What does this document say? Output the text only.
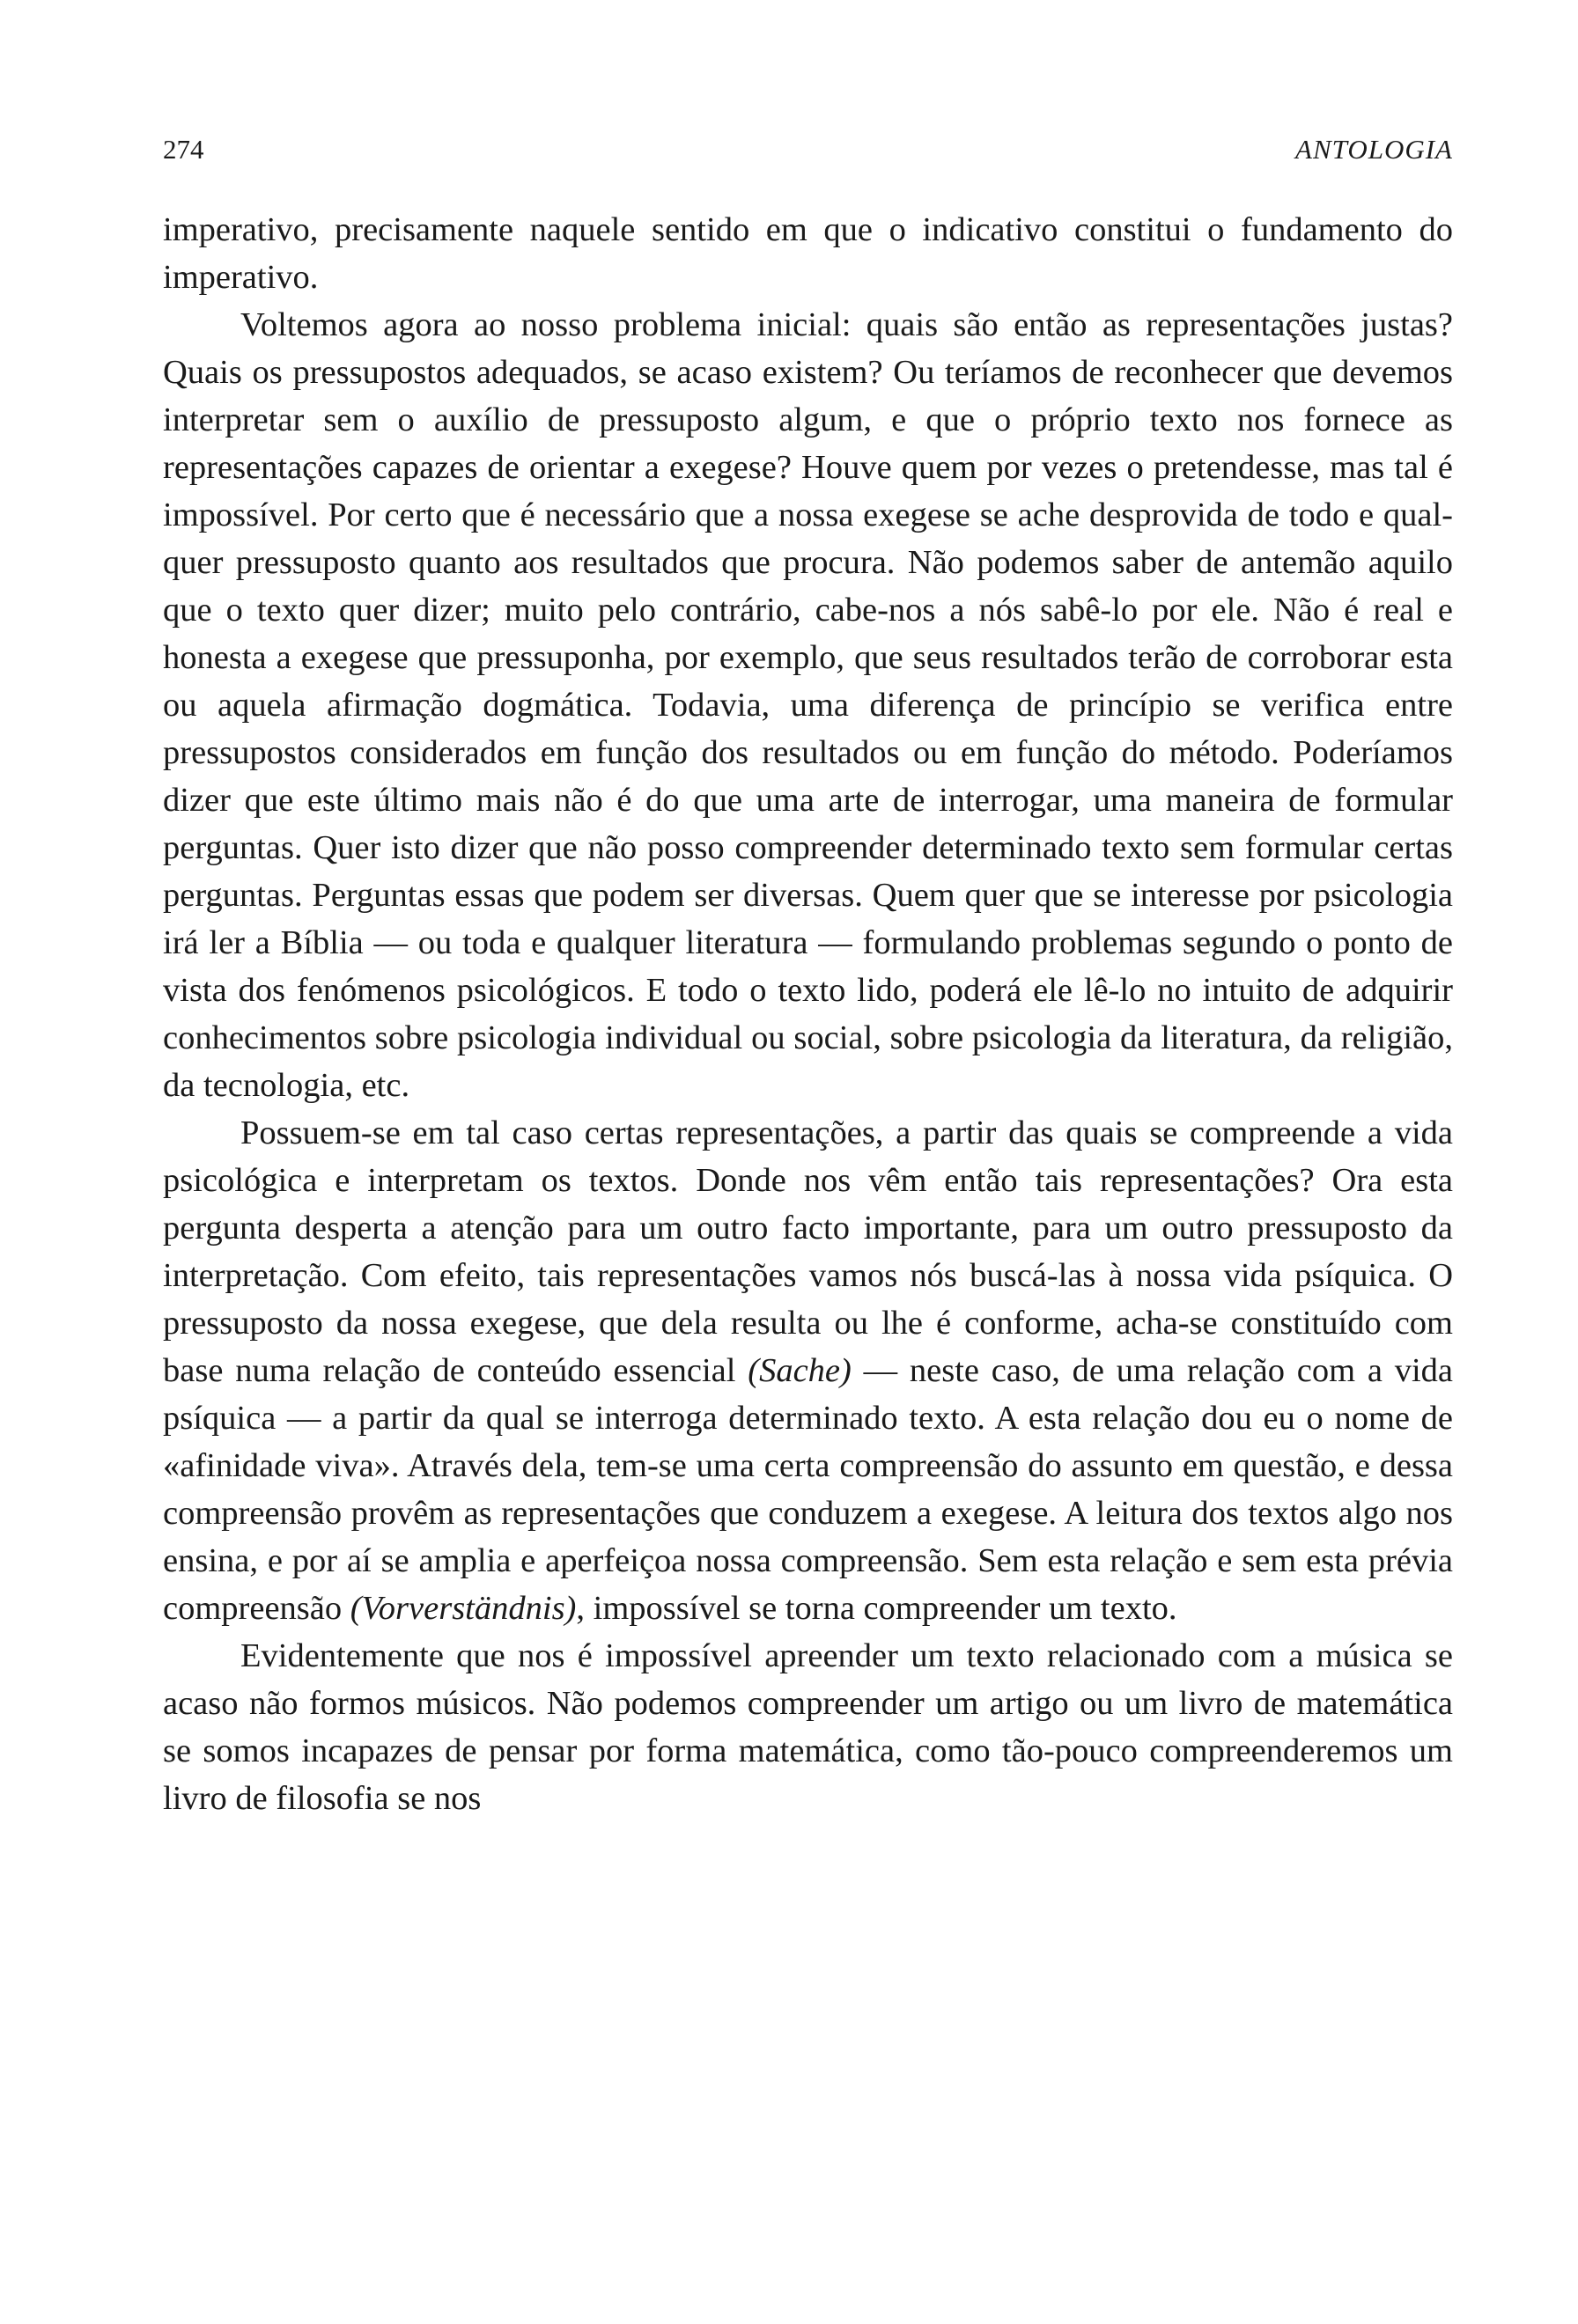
274	ANTOLOGIA

imperativo, precisamente naquele sentido em que o indicativo constitui o fundamento do imperativo.

Voltemos agora ao nosso problema inicial: quais são então as representações justas? Quais os pressupostos adequados, se acaso existem? Ou teríamos de reconhecer que devemos interpretar sem o auxílio de pressuposto algum, e que o próprio texto nos fornece as representações capazes de orientar a exegese? Houve quem por vezes o pretendesse, mas tal é impossível. Por certo que é necessário que a nossa exegese se ache desprovida de todo e qualquer pressuposto quanto aos resultados que procura. Não podemos saber de antemão aquilo que o texto quer dizer; muito pelo contrário, cabe-nos a nós sabê-lo por ele. Não é real e honesta a exegese que pressuponha, por exemplo, que seus resultados terão de corroborar esta ou aquela afirmação dogmática. Todavia, uma diferença de princípio se verifica entre pressupostos considerados em função dos resultados ou em função do método. Poderíamos dizer que este último mais não é do que uma arte de interrogar, uma maneira de formular perguntas. Quer isto dizer que não posso compreender determinado texto sem formular certas perguntas. Perguntas essas que podem ser diversas. Quem quer que se interesse por psicologia irá ler a Bíblia — ou toda e qualquer literatura — formulando problemas segundo o ponto de vista dos fenómenos psicológicos. E todo o texto lido, poderá ele lê-lo no intuito de adquirir conhecimentos sobre psicologia individual ou social, sobre psicologia da literatura, da religião, da tecnologia, etc.

Possuem-se em tal caso certas representações, a partir das quais se compreende a vida psicológica e interpretam os textos. Donde nos vêm então tais representações? Ora esta pergunta desperta a atenção para um outro facto importante, para um outro pressuposto da interpretação. Com efeito, tais representações vamos nós buscá-las à nossa vida psíquica. O pressuposto da nossa exegese, que dela resulta ou lhe é conforme, acha-se constituído com base numa relação de conteúdo essencial (Sache) — neste caso, de uma relação com a vida psíquica — a partir da qual se interroga determinado texto. A esta relação dou eu o nome de «afinidade viva». Através dela, tem-se uma certa compreensão do assunto em questão, e dessa compreensão provêm as representações que conduzem a exegese. A leitura dos textos algo nos ensina, e por aí se amplia e aperfeiçoa nossa compreensão. Sem esta relação e sem esta prévia compreensão (Vorverständnis), impossível se torna compreender um texto.

Evidentemente que nos é impossível apreender um texto relacionado com a música se acaso não formos músicos. Não podemos compreender um artigo ou um livro de matemática se somos incapazes de pensar por forma matemática, como tão-pouco compreenderemos um livro de filosofia se nos
